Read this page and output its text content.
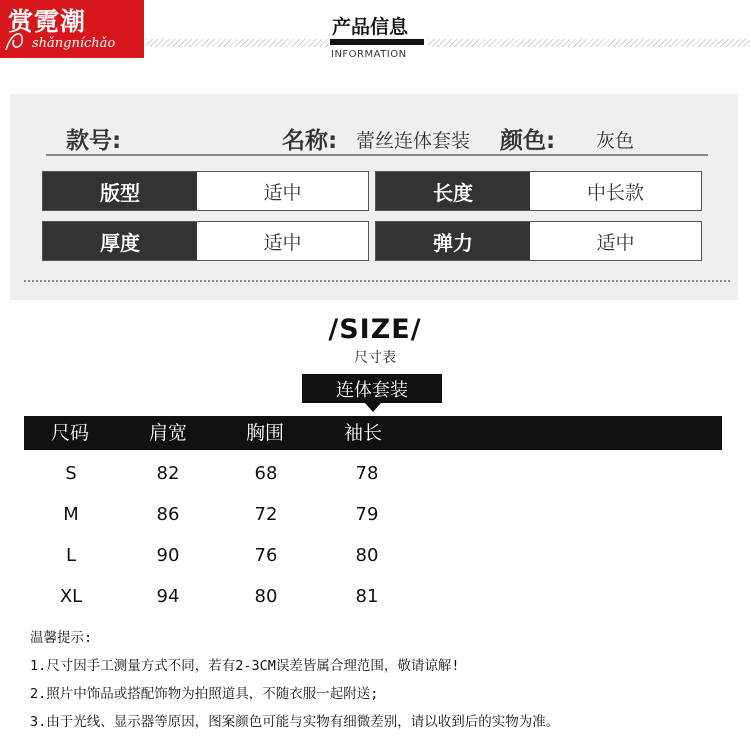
赏霓潮
shǎngníchǎo
产品信息
INFORMATION
款号:	名称: 蕾丝连体套装 颜色: 灰色
版型	适中	长度	中长款
厚度	适中	弹力	适中
/SIZE/
尺寸表
连体套装
尺码	肩宽	胸围	袖长
S	82	68	78
M	86	72	79
L	90	76	80
XL	94	80	81
温馨提示:
1.尺寸因手工测量方式不同，若有2-3CM误差皆属合理范围，敬请谅解!
2.照片中饰品或搭配饰物为拍照道具，不随衣服一起附送;
3.由于光线、显示器等原因，图案颜色可能与实物有细微差别，请以收到后的实物为准。
